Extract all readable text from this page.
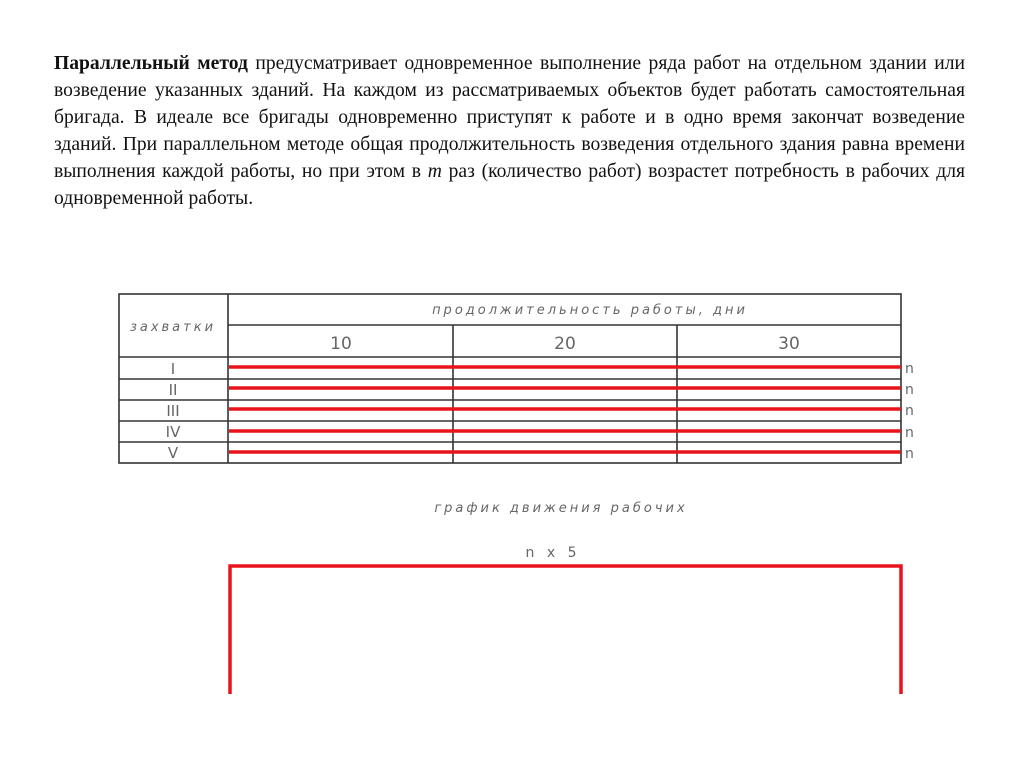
Параллельный метод предусматривает одновременное выполнение ряда работ на отдельном здании или возведение указанных зданий. На каждом из рассматриваемых объектов будет работать самостоятельная бригада. В идеале все бригады одновременно приступят к работе и в одно время закончат возведение зданий. При параллельном методе общая продолжительность возведения отдельного здания равна времени выполнения каждой работы, но при этом в m раз (количество работ) возрастет потребность в рабочих для одновременной работы.

захватки
продолжительность работы, дни
10	20	30
I
II
III
IV
V
n
n
n
n
n
график движения рабочих
n x 5
